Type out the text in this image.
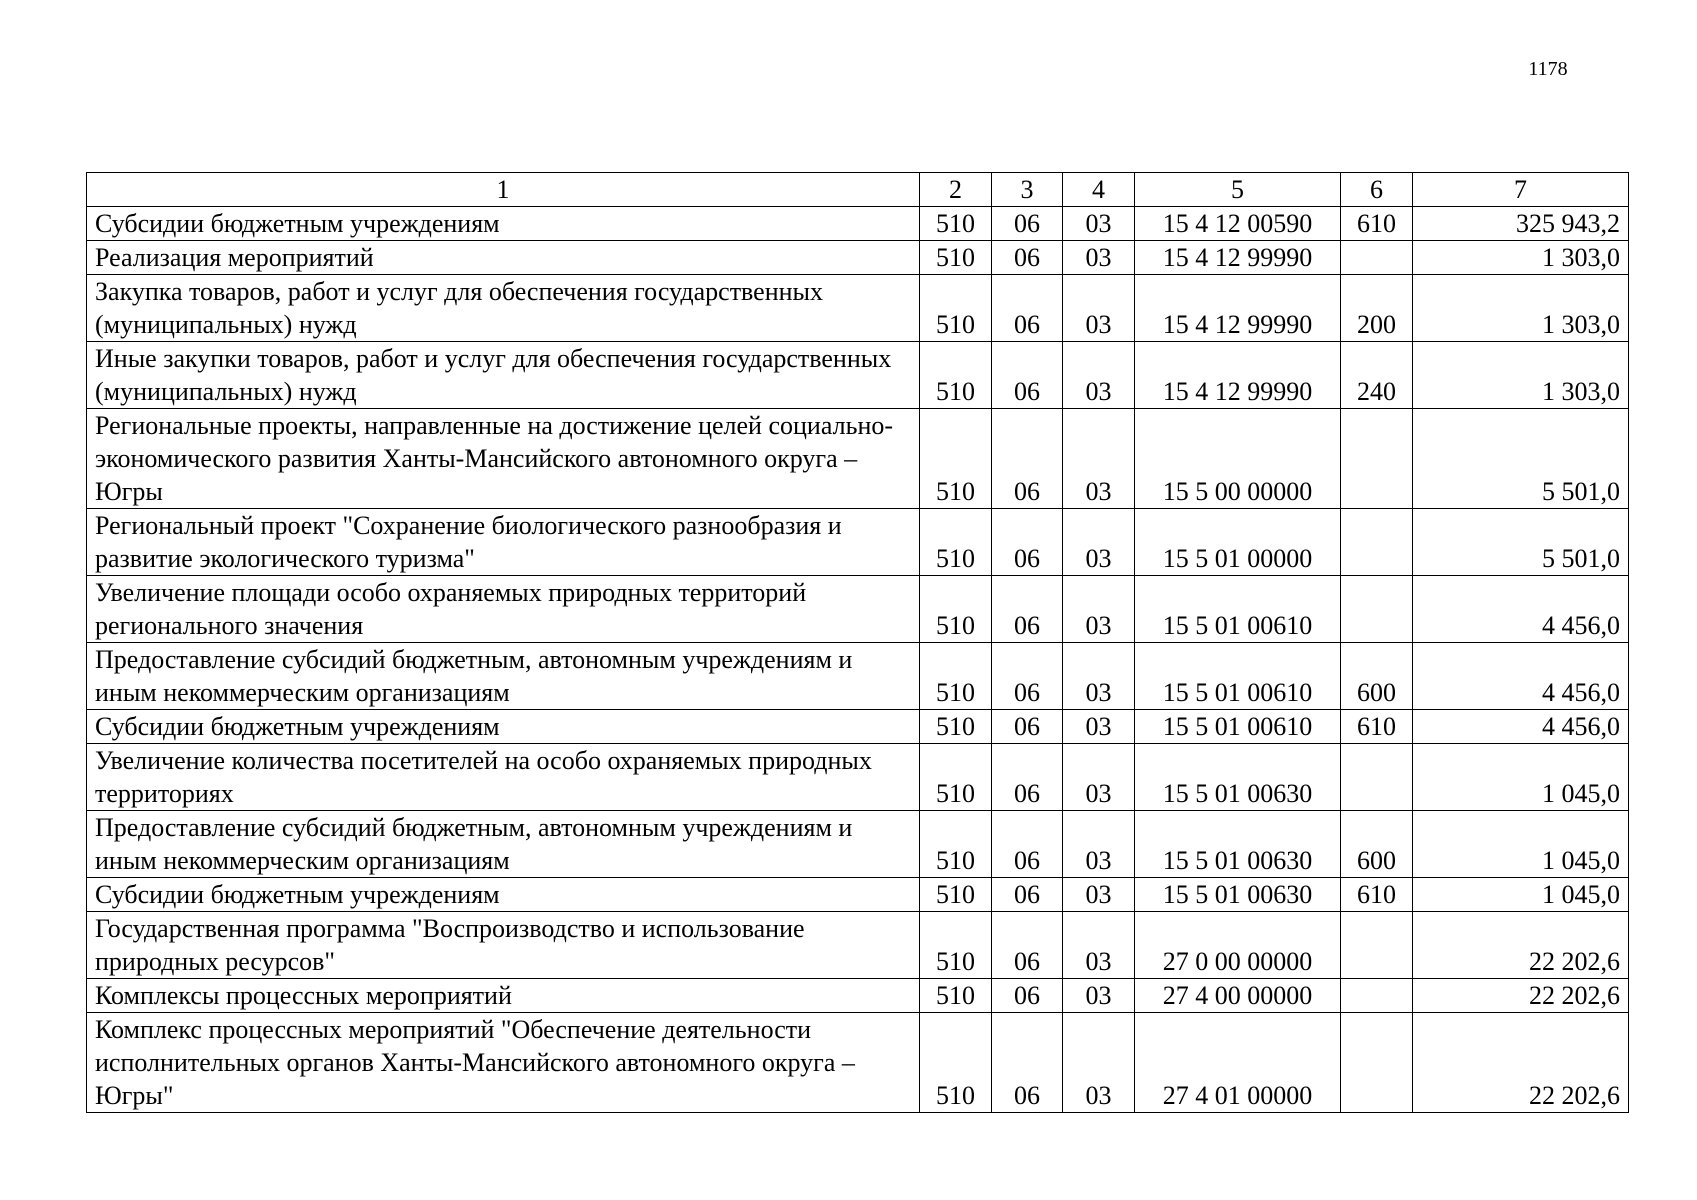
1178
1	2	3	4	5	6	7
Субсидии бюджетным учреждениям	510	06	03	15 4 12 00590	610	325 943,2
Реализация мероприятий	510	06	03	15 4 12 99990		1 303,0
Закупка товаров, работ и услуг для обеспечения государственных (муниципальных) нужд	510	06	03	15 4 12 99990	200	1 303,0
Иные закупки товаров, работ и услуг для обеспечения государственных (муниципальных) нужд	510	06	03	15 4 12 99990	240	1 303,0
Региональные проекты, направленные на достижение целей социально-экономического развития Ханты-Мансийского автономного округа – Югры	510	06	03	15 5 00 00000		5 501,0
Региональный проект "Сохранение биологического разнообразия и развитие экологического туризма"	510	06	03	15 5 01 00000		5 501,0
Увеличение площади особо охраняемых природных территорий регионального значения	510	06	03	15 5 01 00610		4 456,0
Предоставление субсидий бюджетным, автономным учреждениям и иным некоммерческим организациям	510	06	03	15 5 01 00610	600	4 456,0
Субсидии бюджетным учреждениям	510	06	03	15 5 01 00610	610	4 456,0
Увеличение количества посетителей на особо охраняемых природных территориях	510	06	03	15 5 01 00630		1 045,0
Предоставление субсидий бюджетным, автономным учреждениям и иным некоммерческим организациям	510	06	03	15 5 01 00630	600	1 045,0
Субсидии бюджетным учреждениям	510	06	03	15 5 01 00630	610	1 045,0
Государственная программа "Воспроизводство и использование природных ресурсов"	510	06	03	27 0 00 00000		22 202,6
Комплексы процессных мероприятий	510	06	03	27 4 00 00000		22 202,6
Комплекс процессных мероприятий "Обеспечение деятельности исполнительных органов Ханты-Мансийского автономного округа – Югры"	510	06	03	27 4 01 00000		22 202,6
